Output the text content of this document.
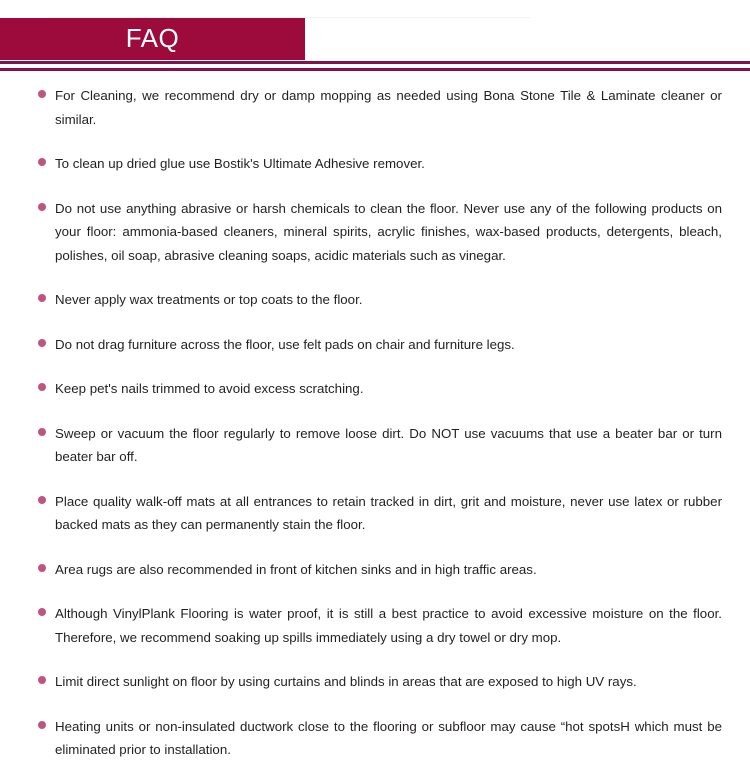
FAQ
For Cleaning, we recommend dry or damp mopping as needed using Bona Stone Tile & Laminate cleaner or similar.
To clean up dried glue use Bostik's Ultimate Adhesive remover.
Do not use anything abrasive or harsh chemicals to clean the floor. Never use any of the following products on your floor: ammonia-based cleaners, mineral spirits, acrylic finishes, wax-based products, detergents, bleach, polishes, oil soap, abrasive cleaning soaps, acidic materials such as vinegar.
Never apply wax treatments or top coats to the floor.
Do not drag furniture across the floor, use felt pads on chair and furniture legs.
Keep pet's nails trimmed to avoid excess scratching.
Sweep or vacuum the floor regularly to remove loose dirt. Do NOT use vacuums that use a beater bar or turn beater bar off.
Place quality walk-off mats at all entrances to retain tracked in dirt, grit and moisture, never use latex or rubber backed mats as they can permanently stain the floor.
Area rugs are also recommended in front of kitchen sinks and in high traffic areas.
Although VinylPlank Flooring is water proof, it is still a best practice to avoid excessive moisture on the floor. Therefore, we recommend soaking up spills immediately using a dry towel or dry mop.
Limit direct sunlight on floor by using curtains and blinds in areas that are exposed to high UV rays.
Heating units or non-insulated ductwork close to the flooring or subfloor may cause “hot spotsH which must be eliminated prior to installation.
